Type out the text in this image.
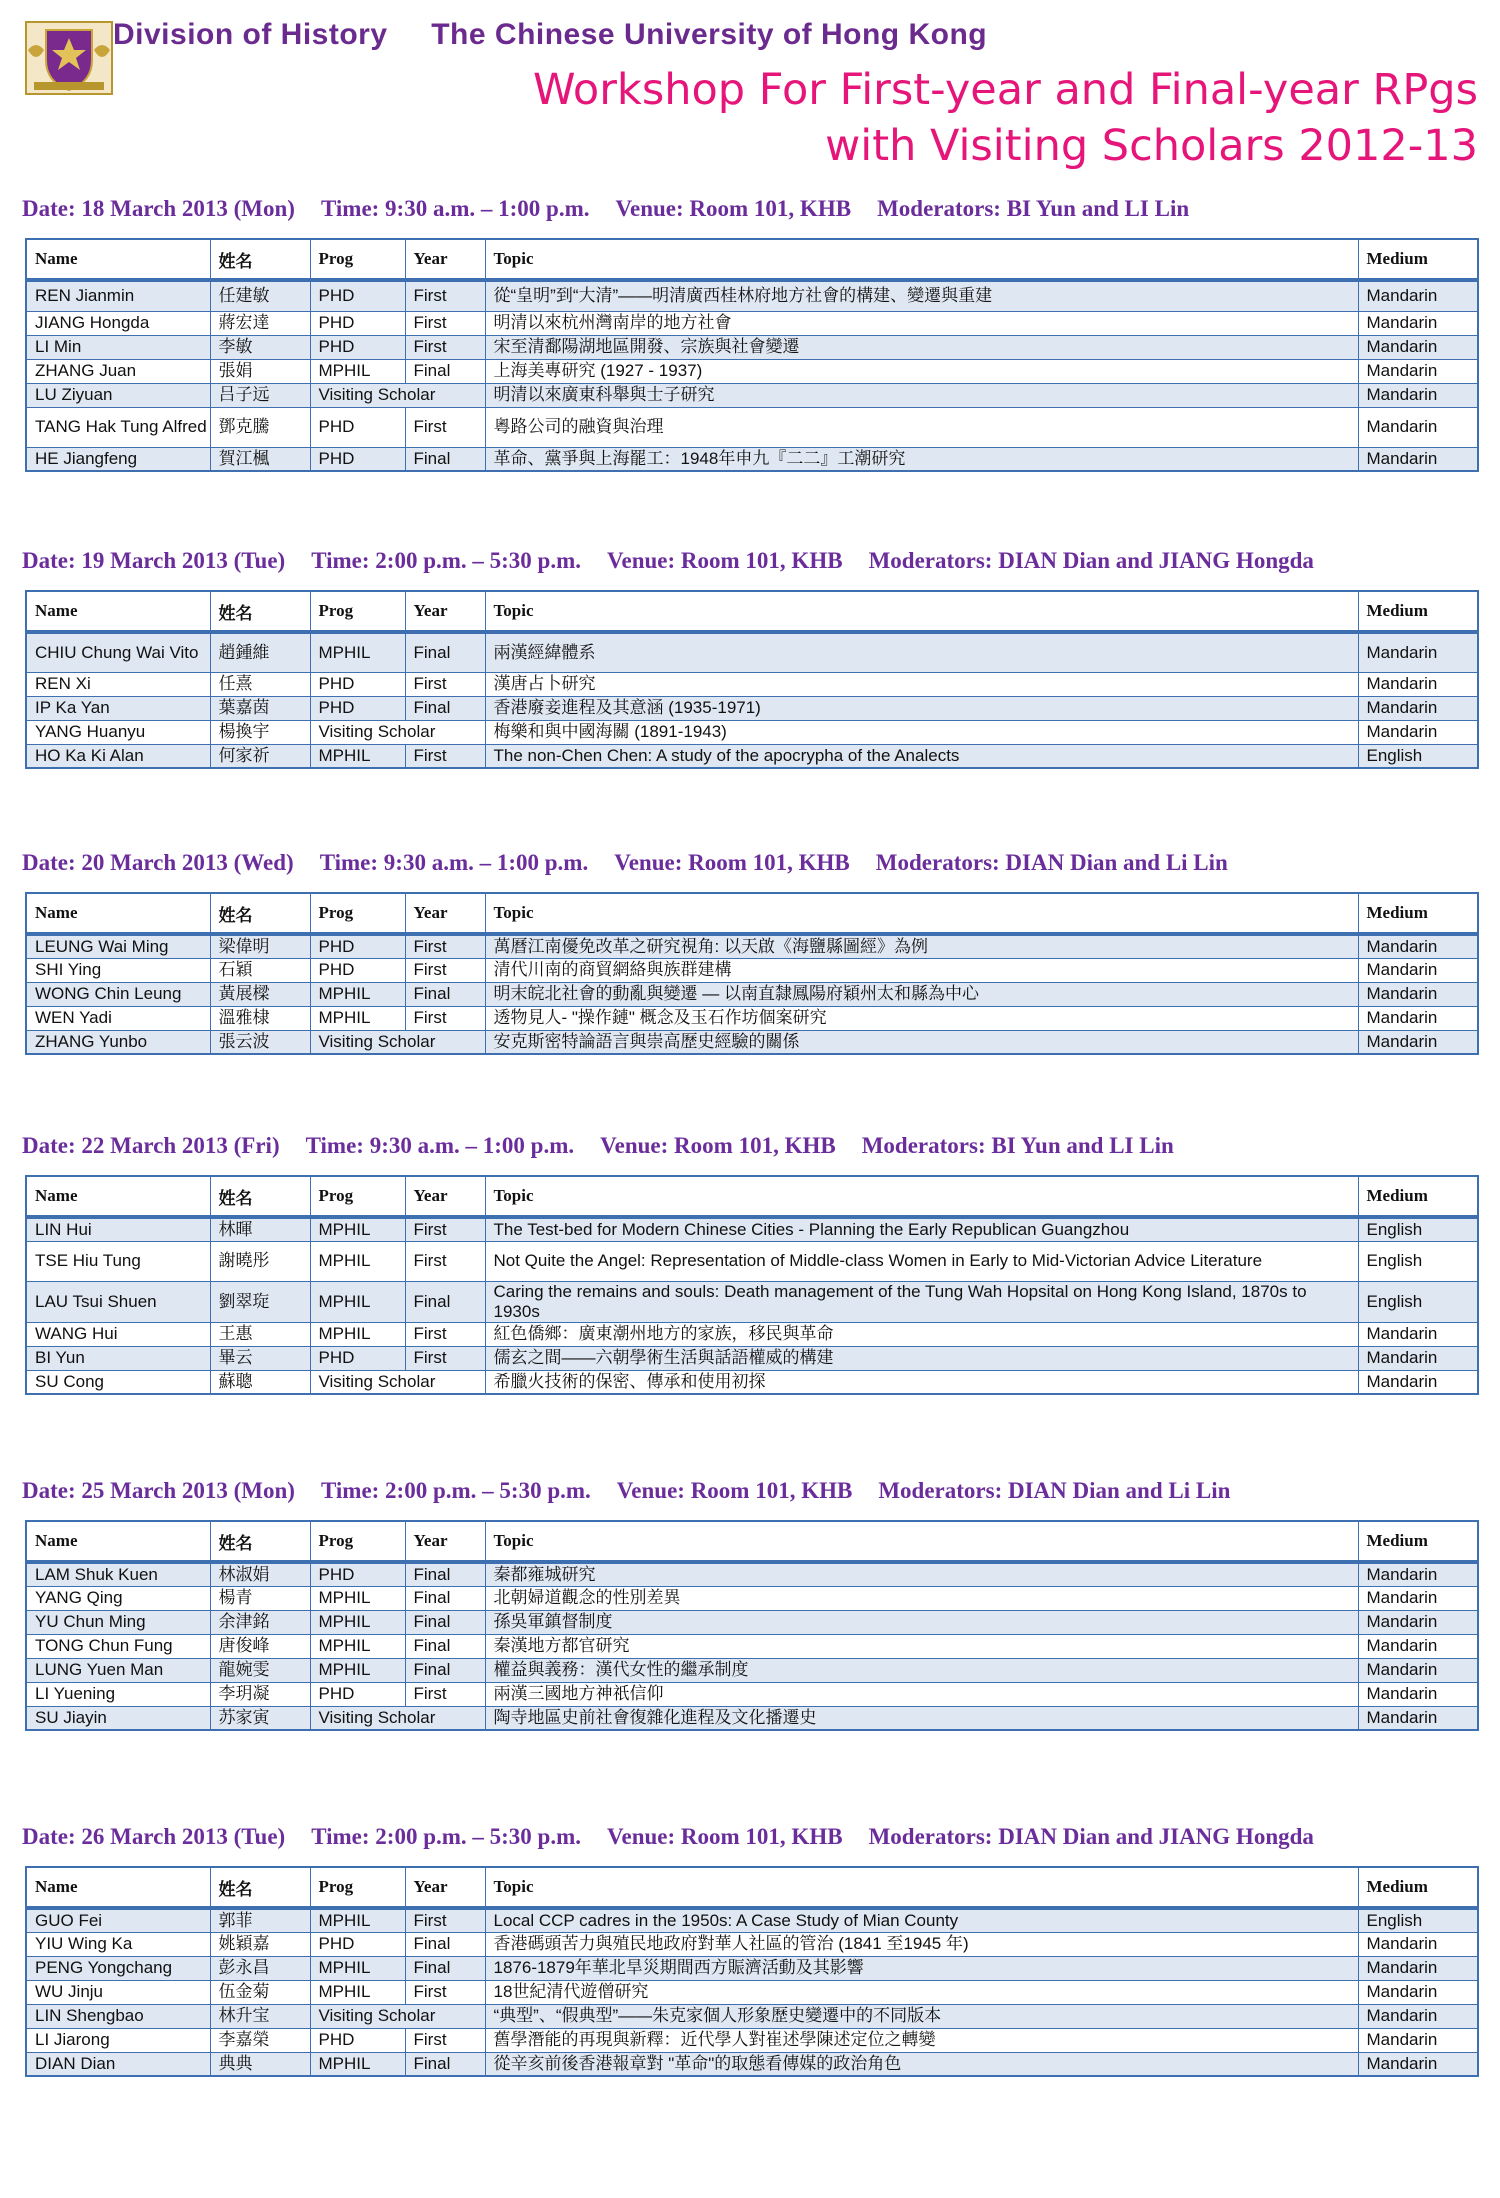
Division of History The Chinese University of Hong Kong
Workshop For First-year and Final-year RPgs
with Visiting Scholars 2012-13
Date: 18 March 2013 (Mon) Time: 9:30 a.m. – 1:00 p.m. Venue: Room 101, KHB Moderators: BI Yun and LI Lin
Name	姓名	Prog	Year	Topic	Medium
REN Jianmin	任建敏	PHD	First	從“皇明”到“大清”——明清廣西桂林府地方社會的構建、變遷與重建	Mandarin
JIANG Hongda	蔣宏達	PHD	First	明清以來杭州灣南岸的地方社會	Mandarin
LI Min	李敏	PHD	First	宋至清鄱陽湖地區開發、宗族與社會變遷	Mandarin
ZHANG Juan	張娟	MPHIL	Final	上海美專研究 (1927 - 1937)	Mandarin
LU Ziyuan	吕子远	Visiting Scholar		明清以來廣東科舉與士子研究	Mandarin
TANG Hak Tung Alfred	鄧克騰	PHD	First	粵路公司的融資與治理	Mandarin
HE Jiangfeng	賀江楓	PHD	Final	革命、黨爭與上海罷工：1948年申九『二二』工潮研究	Mandarin
Date: 19 March 2013 (Tue) Time: 2:00 p.m. – 5:30 p.m. Venue: Room 101, KHB Moderators: DIAN Dian and JIANG Hongda
Name	姓名	Prog	Year	Topic	Medium
CHIU Chung Wai Vito	趙鍾維	MPHIL	Final	兩漢經緯體系	Mandarin
REN Xi	任熹	PHD	First	漢唐占卜研究	Mandarin
IP Ka Yan	葉嘉茵	PHD	Final	香港廢妾進程及其意涵 (1935-1971)	Mandarin
YANG Huanyu	楊換宇	Visiting Scholar		梅樂和與中國海關 (1891-1943)	Mandarin
HO Ka Ki Alan	何家祈	MPHIL	First	The non-Chen Chen: A study of the apocrypha of the Analects	English
Date: 20 March 2013 (Wed) Time: 9:30 a.m. – 1:00 p.m. Venue: Room 101, KHB Moderators: DIAN Dian and Li Lin
Name	姓名	Prog	Year	Topic	Medium
LEUNG Wai Ming	梁偉明	PHD	First	萬曆江南優免改革之研究視角: 以天啟《海鹽縣圖經》為例	Mandarin
SHI Ying	石穎	PHD	First	清代川南的商貿網絡與族群建構	Mandarin
WONG Chin Leung	黃展樑	MPHIL	Final	明末皖北社會的動亂與變遷 — 以南直隸鳳陽府穎州太和縣為中心	Mandarin
WEN Yadi	溫雅棣	MPHIL	First	透物見人- "操作鏈" 概念及玉石作坊個案研究	Mandarin
ZHANG Yunbo	張云波	Visiting Scholar		安克斯密特論語言與崇高歷史經驗的關係	Mandarin
Date: 22 March 2013 (Fri) Time: 9:30 a.m. – 1:00 p.m. Venue: Room 101, KHB Moderators: BI Yun and LI Lin
Name	姓名	Prog	Year	Topic	Medium
LIN Hui	林暉	MPHIL	First	The Test-bed for Modern Chinese Cities - Planning the Early Republican Guangzhou	English
TSE Hiu Tung	謝曉彤	MPHIL	First	Not Quite the Angel: Representation of Middle-class Women in Early to Mid-Victorian Advice Literature	English
LAU Tsui Shuen	劉翠琁	MPHIL	Final	Caring the remains and souls: Death management of the Tung Wah Hopsital on Hong Kong Island, 1870s to 1930s	English
WANG Hui	王惠	MPHIL	First	紅色僑鄉：廣東潮州地方的家族，移民與革命	Mandarin
BI Yun	畢云	PHD	First	儒玄之間——六朝學術生活與話語權威的構建	Mandarin
SU Cong	蘇聰	Visiting Scholar		希臘火技術的保密、傳承和使用初探	Mandarin
Date: 25 March 2013 (Mon) Time: 2:00 p.m. – 5:30 p.m. Venue: Room 101, KHB Moderators: DIAN Dian and Li Lin
Name	姓名	Prog	Year	Topic	Medium
LAM Shuk Kuen	林淑娟	PHD	Final	秦都雍城研究	Mandarin
YANG Qing	楊青	MPHIL	Final	北朝婦道觀念的性別差異	Mandarin
YU Chun Ming	余津銘	MPHIL	Final	孫吳軍鎮督制度	Mandarin
TONG Chun Fung	唐俊峰	MPHIL	Final	秦漢地方都官研究	Mandarin
LUNG Yuen Man	龍婉雯	MPHIL	Final	權益與義務：漢代女性的繼承制度	Mandarin
LI Yuening	李玥凝	PHD	First	兩漢三國地方神祇信仰	Mandarin
SU Jiayin	苏家寅	Visiting Scholar		陶寺地區史前社會復雜化進程及文化播遷史	Mandarin
Date: 26 March 2013 (Tue) Time: 2:00 p.m. – 5:30 p.m. Venue: Room 101, KHB Moderators: DIAN Dian and JIANG Hongda
Name	姓名	Prog	Year	Topic	Medium
GUO Fei	郭菲	MPHIL	First	Local CCP cadres in the 1950s: A Case Study of Mian County	English
YIU Wing Ka	姚穎嘉	PHD	Final	香港碼頭苦力與殖民地政府對華人社區的管治 (1841 至1945 年)	Mandarin
PENG Yongchang	彭永昌	MPHIL	Final	1876-1879年華北旱災期間西方賑濟活動及其影響	Mandarin
WU Jinju	伍金菊	MPHIL	First	18世紀清代遊僧研究	Mandarin
LIN Shengbao	林升宝	Visiting Scholar		“典型”、“假典型”——朱克家個人形象歷史變遷中的不同版本	Mandarin
LI Jiarong	李嘉榮	PHD	First	舊學潛能的再現與新釋：近代學人對崔述學陳述定位之轉變	Mandarin
DIAN Dian	典典	MPHIL	Final	從辛亥前後香港報章對 "革命"的取態看傳媒的政治角色	Mandarin
